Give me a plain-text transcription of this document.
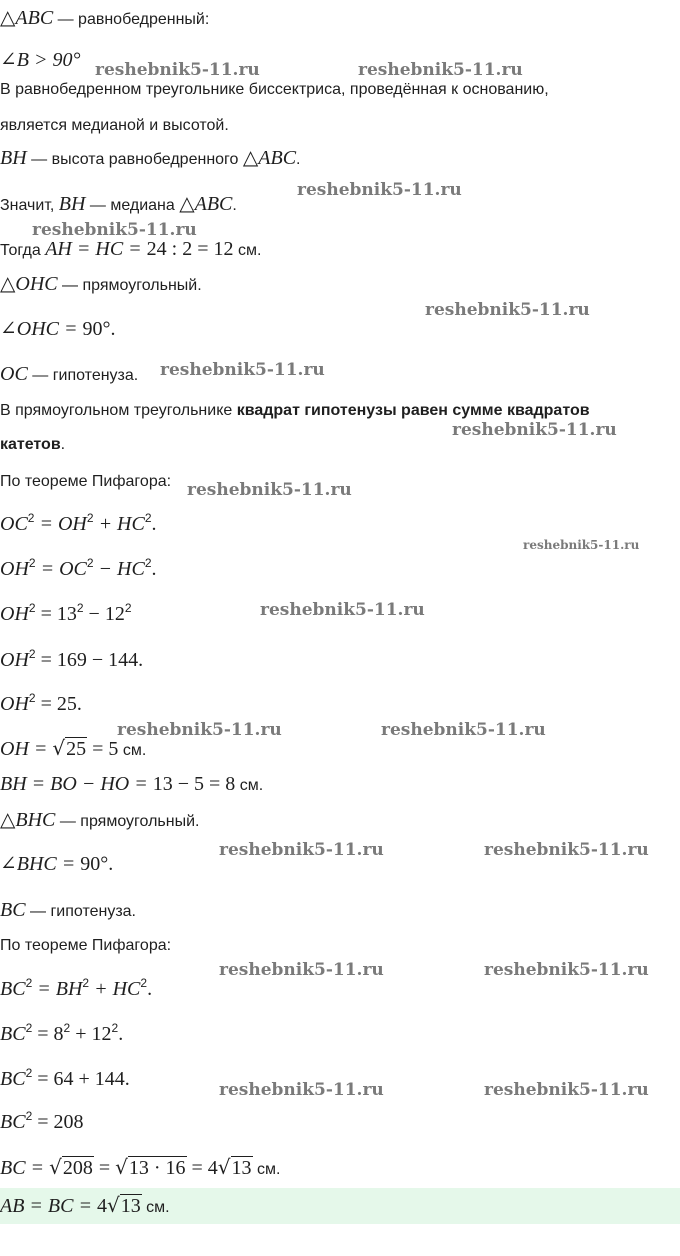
△ABC — равнобедренный:
∠B > 90°
В равнобедренном треугольнике биссектриса, проведённая к основанию,
является медианой и высотой.
BH — высота равнобедренного △ABC.
Значит, BH — медиана △ABC.
Тогда AH = HC = 24 : 2 = 12 см.
△OHC — прямоугольный.
∠OHC = 90°.
OC — гипотенуза.
В прямоугольном треугольнике квадрат гипотенузы равен сумме квадратов
катетов.
По теореме Пифагора:
$OC^2 = OH^2 + HC^2$.
$OH^2 = OC^2 - HC^2$.
$OH^2 = 13^2 - 12^2$
$OH^2 = 169 - 144$.
$OH^2 = 25$.
OH = √25 = 5 см.
BH = BO − HO = 13 − 5 = 8 см.
△BHC — прямоугольный.
∠BHC = 90°.
BC — гипотенуза.
По теореме Пифагора:
$BC^2 = BH^2 + HC^2$.
$BC^2 = 8^2 + 12^2$.
$BC^2 = 64 + 144$.
$BC^2 = 208$
BC = √208 = √13 · 16 = 4√13 см.
AB = BC = 4√13 см.
reshebnik5-11.ru	reshebnik5-11.ru
reshebnik5-11.ru
reshebnik5-11.ru
reshebnik5-11.ru
reshebnik5-11.ru
reshebnik5-11.ru
reshebnik5-11.ru
reshebnik5-11.ru
reshebnik5-11.ru
reshebnik5-11.ru	reshebnik5-11.ru
reshebnik5-11.ru	reshebnik5-11.ru
reshebnik5-11.ru	reshebnik5-11.ru
reshebnik5-11.ru	reshebnik5-11.ru
